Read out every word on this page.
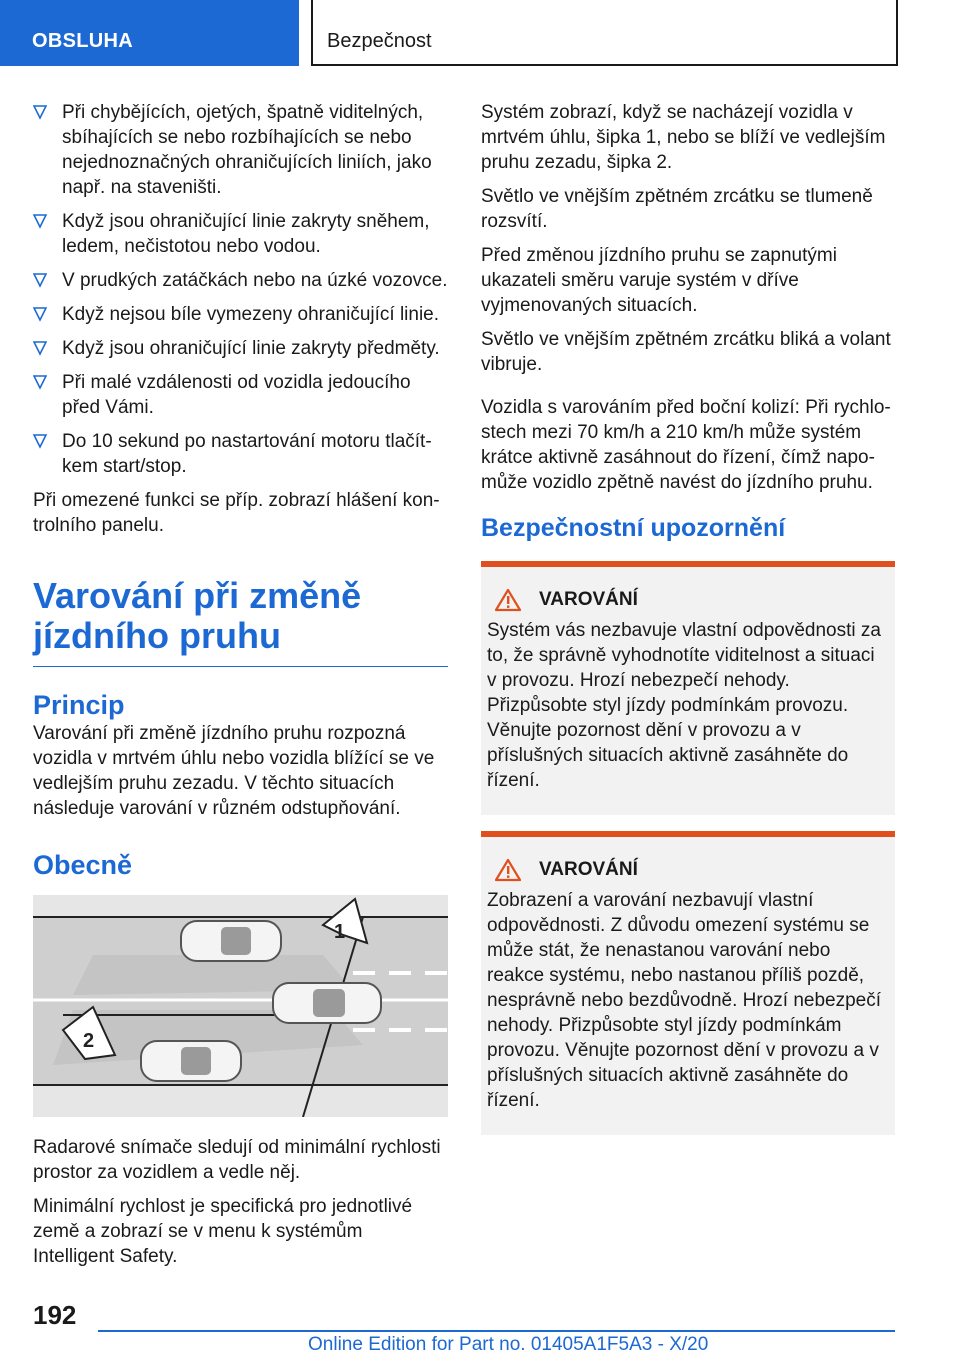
OBSLUHA	Bezpečnost
Při chybějících, ojetých, špatně viditelných, sbíhajících se nebo rozbíhajících se nebo nejednoznačných ohraničujících liniích, jako např. na staveništi.
Když jsou ohraničující linie zakryty sněhem, ledem, nečistotou nebo vodou.
V prudkých zatáčkách nebo na úzké vozovce.
Když nejsou bíle vymezeny ohraničující linie.
Když jsou ohraničující linie zakryty předměty.
Při malé vzdálenosti od vozidla jedoucího před Vámi.
Do 10 sekund po nastartování motoru tlačítkem start/stop.

Při omezené funkci se příp. zobrazí hlášení kontrolního panelu.

Varování při změně jízdního pruhu
Princip

Varování při změně jízdního pruhu rozpozná vozidla v mrtvém úhlu nebo vozidla blížící se ve vedlejším pruhu zezadu. V těchto situacích následuje varování v různém odstupňování.

Obecně
1
2

Radarové snímače sledují od minimální rychlosti prostor za vozidlem a vedle něj.

Minimální rychlost je specifická pro jednotlivé země a zobrazí se v menu k systémům Intelligent Safety.

Systém zobrazí, když se nacházejí vozidla v mrtvém úhlu, šipka 1, nebo se blíží ve vedlejším pruhu zezadu, šipka 2.

Světlo ve vnějším zpětném zrcátku se tlumeně rozsvítí.

Před změnou jízdního pruhu se zapnutými ukazateli směru varuje systém v dříve vyjmenovaných situacích.

Světlo ve vnějším zpětném zrcátku bliká a volant vibruje.

Vozidla s varováním před boční kolizí: Při rychlostech mezi 70 km/h a 210 km/h může systém krátce aktivně zasáhnout do řízení, čímž napomůže vozidlo zpětně navést do jízdního pruhu.

Bezpečnostní upozornění
VAROVÁNÍ
Systém vás nezbavuje vlastní odpovědnosti za to, že správně vyhodnotíte viditelnost a situaci v provozu. Hrozí nebezpečí nehody. Přizpůsobte styl jízdy podmínkám provozu. Věnujte pozornost dění v provozu a v příslušných situacích aktivně zasáhněte do řízení.
VAROVÁNÍ
Zobrazení a varování nezbavují vlastní odpovědnosti. Z důvodu omezení systému se může stát, že nenastanou varování nebo reakce systému, nebo nastanou příliš pozdě, nesprávně nebo bezdůvodně. Hrozí nebezpečí nehody. Přizpůsobte styl jízdy podmínkám provozu. Věnujte pozornost dění v provozu a v příslušných situacích aktivně zasáhněte do řízení.
192
Online Edition for Part no. 01405A1F5A3 - X/20
